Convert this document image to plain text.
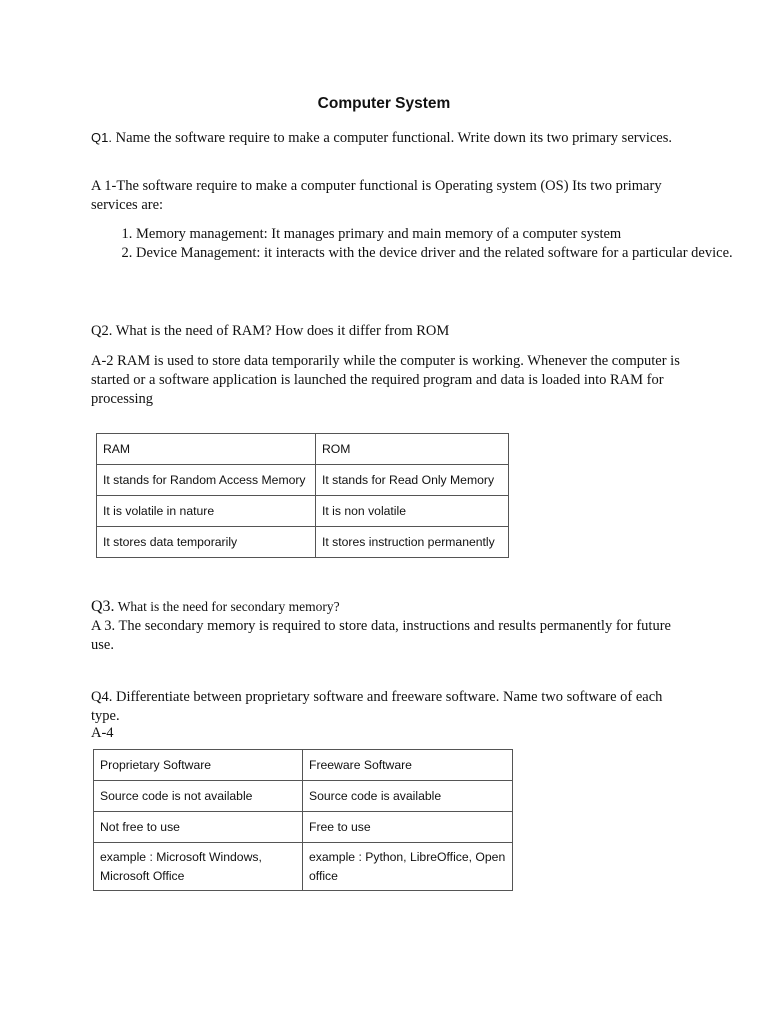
Computer System

Q1. Name the software require to make a computer functional. Write down its two primary services.

A 1-The software require to make a computer functional is Operating system (OS) Its two primary services are:

1. Memory management: It manages primary and main memory of a computer system
2. Device Management: it interacts with the device driver and the related software for a particular device.

Q2. What is the need of RAM? How does it differ from ROM

A-2 RAM is used to store data temporarily while the computer is working. Whenever the computer is started or a software application is launched the required program and data is loaded into RAM for processing

RAM	ROM
It stands for Random Access Memory	It stands for Read Only Memory
It is volatile in nature	It is non volatile
It stores data temporarily	It stores instruction permanently

Q3. What is the need for secondary memory?

A 3. The secondary memory is required to store data, instructions and results permanently for future use.

Q4. Differentiate between proprietary software and freeware software. Name two software of each type.

A-4

Proprietary Software	Freeware Software
Source code is not available	Source code is available
Not free to use	Free to use
example : Microsoft Windows, Microsoft Office	example : Python, LibreOffice, Open office
